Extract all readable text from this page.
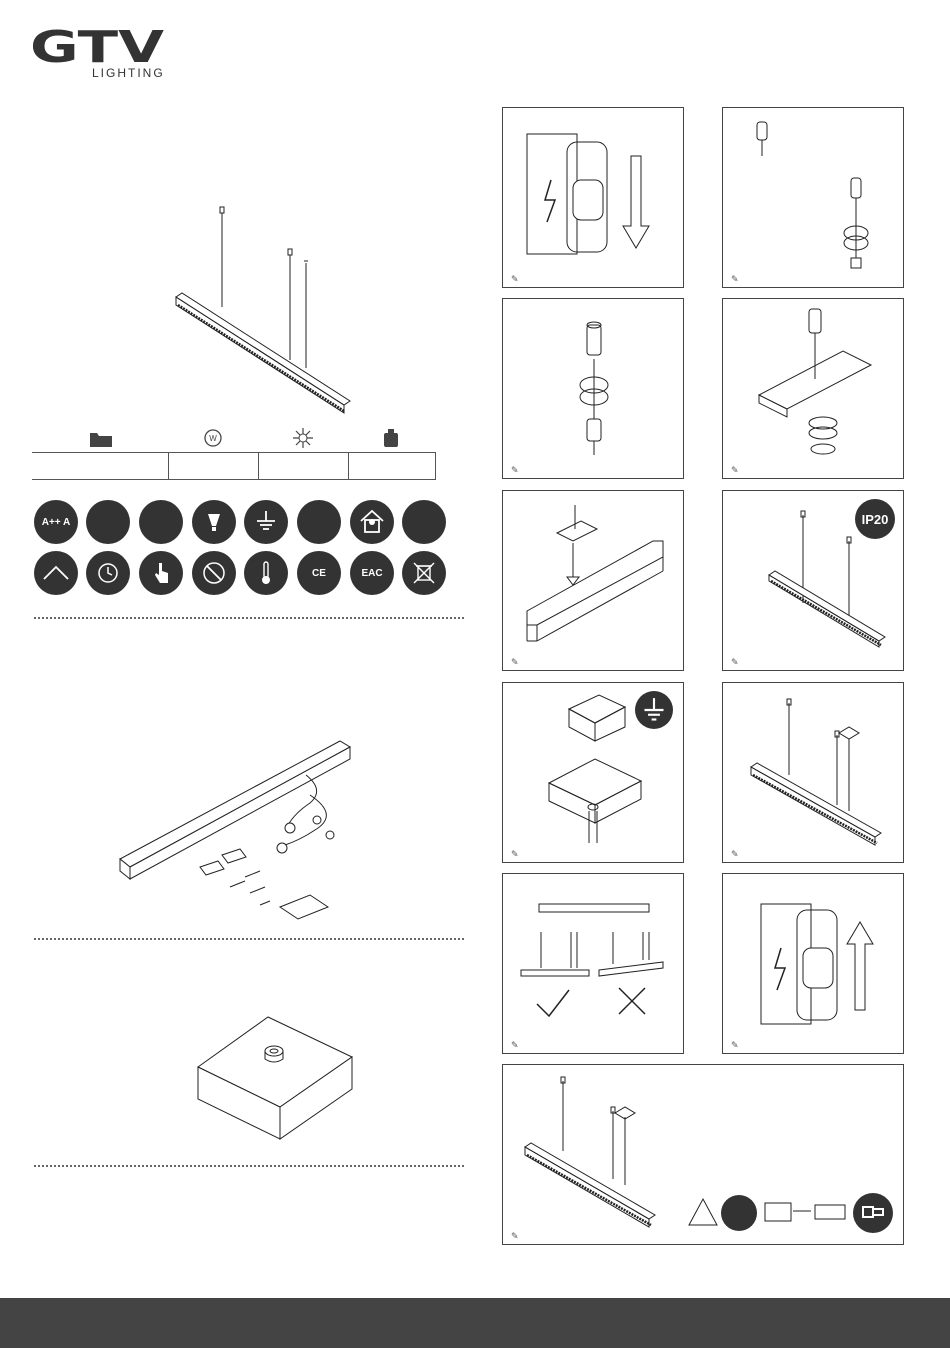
GTV
LIGHTING
W
A++ A
CE	EAC
✎	✎
✎	✎
✎	✎
IP20
✎	✎
✎	✎
✎
